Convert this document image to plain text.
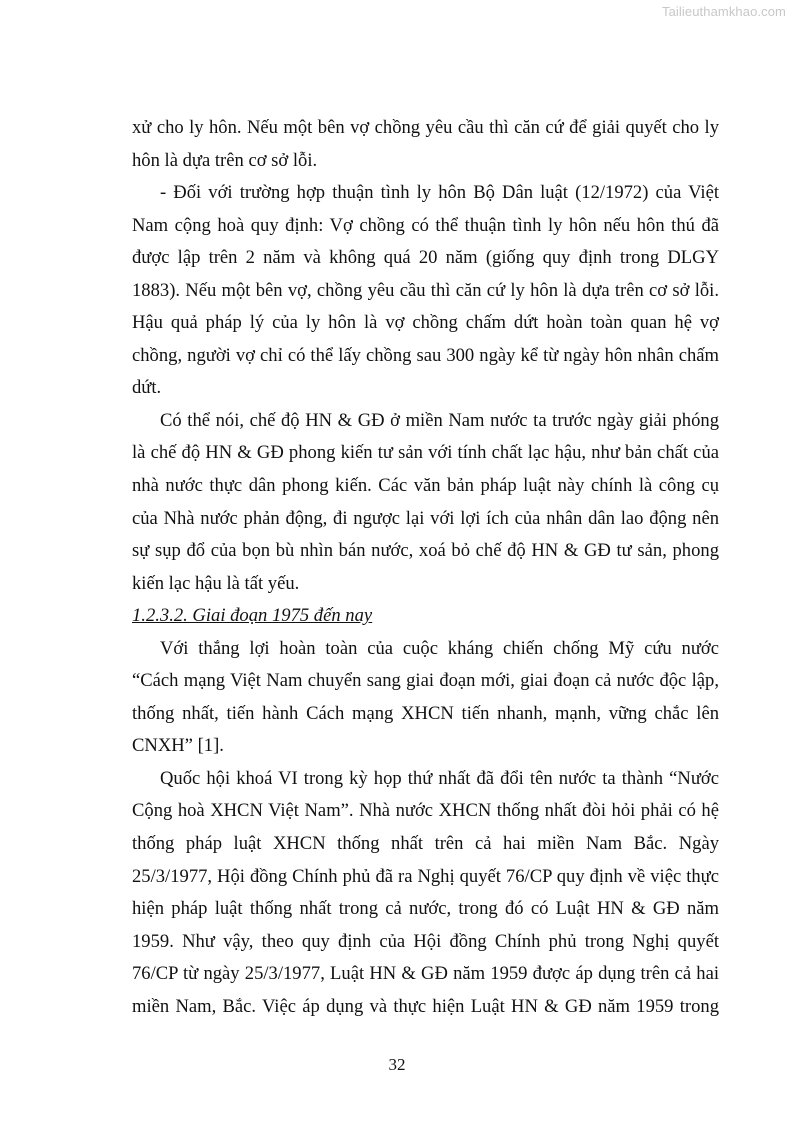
Tailieuthamkhao.com
xử cho ly hôn. Nếu một bên vợ chồng yêu cầu thì căn cứ để giải quyết cho ly
hôn là dựa trên cơ sở lỗi.
- Đối với trường hợp thuận tình ly hôn Bộ Dân luật (12/1972) của Việt
Nam cộng hoà quy định: Vợ chồng có thể thuận tình ly hôn nếu hôn thú đã
được lập trên 2 năm và không quá 20 năm (giống quy định trong DLGY
1883). Nếu một bên vợ, chồng yêu cầu thì căn cứ ly hôn là dựa trên cơ sở lỗi.
Hậu quả pháp lý của ly hôn là vợ chồng chấm dứt hoàn toàn quan hệ vợ
chồng, người vợ chỉ có thể lấy chồng sau 300 ngày kể từ ngày hôn nhân chấm
dứt.
Có thể nói, chế độ HN & GĐ ở miền Nam nước ta trước ngày giải phóng
là chế độ HN & GĐ phong kiến tư sản với tính chất lạc hậu, như bản chất của
nhà nước thực dân phong kiến. Các văn bản pháp luật này chính là công cụ
của Nhà nước phản động, đi ngược lại với lợi ích của nhân dân lao động nên
sự sụp đổ của bọn bù nhìn bán nước, xoá bỏ chế độ HN & GĐ tư sản, phong
kiến lạc hậu là tất yếu.
1.2.3.2. Giai đoạn 1975 đến nay
Với thắng lợi hoàn toàn của cuộc kháng chiến chống Mỹ cứu nước
“Cách mạng Việt Nam chuyển sang giai đoạn mới, giai đoạn cả nước độc lập,
thống nhất, tiến hành Cách mạng XHCN tiến nhanh, mạnh, vững chắc lên
CNXH” [1].
Quốc hội khoá VI trong kỳ họp thứ nhất đã đổi tên nước ta thành “Nước
Cộng hoà XHCN Việt Nam”. Nhà nước XHCN thống nhất đòi hỏi phải có hệ
thống pháp luật XHCN thống nhất trên cả hai miền Nam Bắc. Ngày
25/3/1977, Hội đồng Chính phủ đã ra Nghị quyết 76/CP quy định về việc thực
hiện pháp luật thống nhất trong cả nước, trong đó có Luật HN & GĐ năm
1959. Như vậy, theo quy định của Hội đồng Chính phủ trong Nghị quyết
76/CP từ ngày 25/3/1977, Luật HN & GĐ năm 1959 được áp dụng trên cả hai
miền Nam, Bắc. Việc áp dụng và thực hiện Luật HN & GĐ năm 1959 trong
32
